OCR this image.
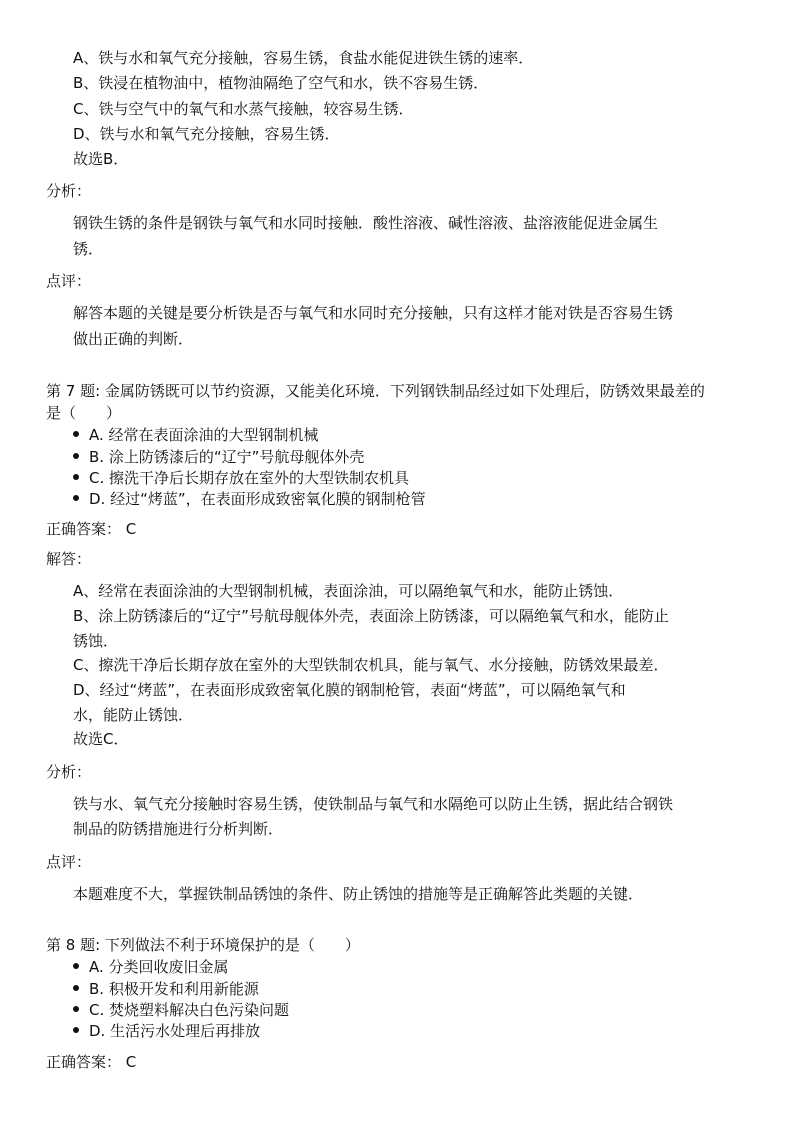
A、铁与水和氧气充分接触，容易生锈，食盐水能促进铁生锈的速率．
B、铁浸在植物油中，植物油隔绝了空气和水，铁不容易生锈．
C、铁与空气中的氧气和水蒸气接触，较容易生锈．
D、铁与水和氧气充分接触，容易生锈．
故选B．
分析：
钢铁生锈的条件是钢铁与氧气和水同时接触．酸性溶液、碱性溶液、盐溶液能促进金属生
锈．
点评：
解答本题的关键是要分析铁是否与氧气和水同时充分接触，只有这样才能对铁是否容易生锈
做出正确的判断．
第 7 题: 金属防锈既可以节约资源，又能美化环境．下列钢铁制品经过如下处理后，防锈效果最差的
是（　　）
A. 经常在表面涂油的大型钢制机械
B. 涂上防锈漆后的“辽宁”号航母舰体外壳
C. 擦洗干净后长期存放在室外的大型铁制农机具
D. 经过“烤蓝”，在表面形成致密氧化膜的钢制枪管
正确答案： C
解答：
A、经常在表面涂油的大型钢制机械，表面涂油，可以隔绝氧气和水，能防止锈蚀．
B、涂上防锈漆后的“辽宁”号航母舰体外壳，表面涂上防锈漆，可以隔绝氧气和水，能防止
锈蚀．
C、擦洗干净后长期存放在室外的大型铁制农机具，能与氧气、水分接触，防锈效果最差．
D、经过“烤蓝”，在表面形成致密氧化膜的钢制枪管，表面“烤蓝”，可以隔绝氧气和
水，能防止锈蚀．
故选C．
分析：
铁与水、氧气充分接触时容易生锈，使铁制品与氧气和水隔绝可以防止生锈，据此结合钢铁
制品的防锈措施进行分析判断．
点评：
本题难度不大，掌握铁制品锈蚀的条件、防止锈蚀的措施等是正确解答此类题的关键．
第 8 题: 下列做法不利于环境保护的是（　　）
A. 分类回收废旧金属
B. 积极开发和利用新能源
C. 焚烧塑料解决白色污染问题
D. 生活污水处理后再排放
正确答案： C
